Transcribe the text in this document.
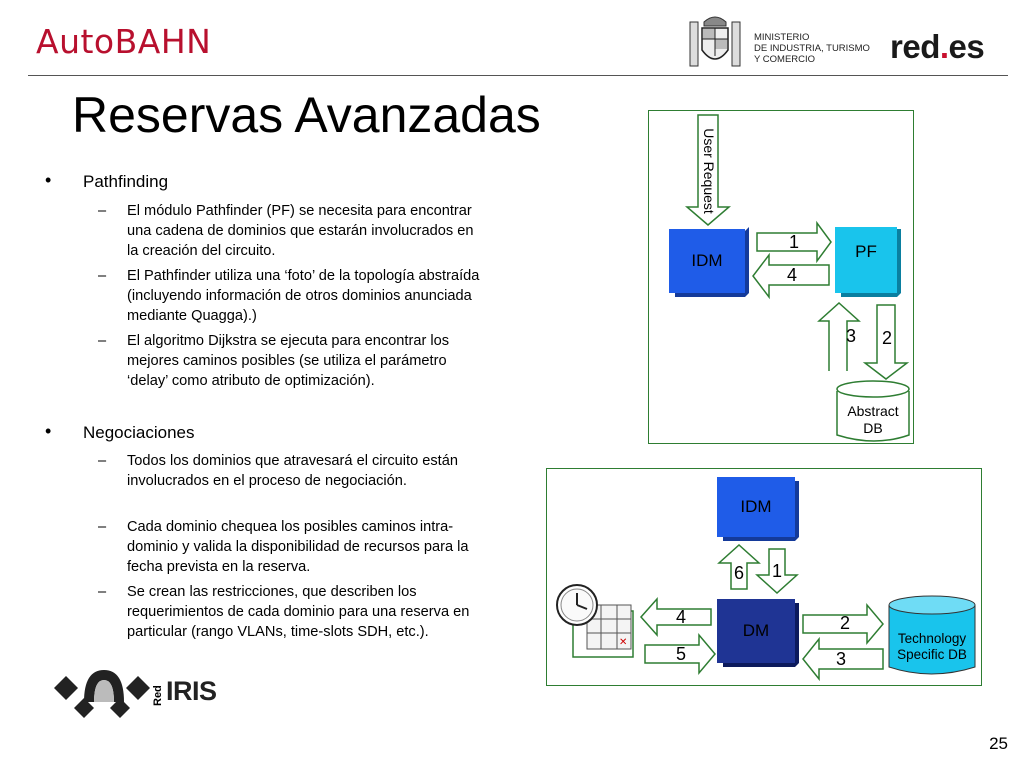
AutoBAHN	MINISTERIO
DE INDUSTRIA, TURISMO
Y COMERCIO	red.es
Reservas Avanzadas
• Pathfinding
– El módulo Pathfinder (PF) se necesita para encontrar una cadena de dominios que estarán involucrados en la creación del circuito.
– El Pathfinder utiliza una ‘foto’ de la topología abstraída (incluyendo información de otros dominios anunciada mediante Quagga).)
– El algoritmo Dijkstra se ejecuta para encontrar los mejores caminos posibles (se utiliza el parámetro ‘delay’ como atributo de optimización).
• Negociaciones
– Todos los dominios que atravesará el circuito están involucrados en el proceso de negociación.
– Cada dominio chequea los posibles caminos intra-dominio y valida la disponibilidad de recursos para la fecha prevista en la reserva.
– Se crean las restricciones, que describen los requerimientos de cada dominio para una reserva en particular (rango VLANs, time-slots SDH, etc.).
User Request
IDM	PF
1
4
3 2
Abstract
DB
✕
IDM
DM
6 1
4
5
2
3
Technology
Specific DB
Red IRIS
25
